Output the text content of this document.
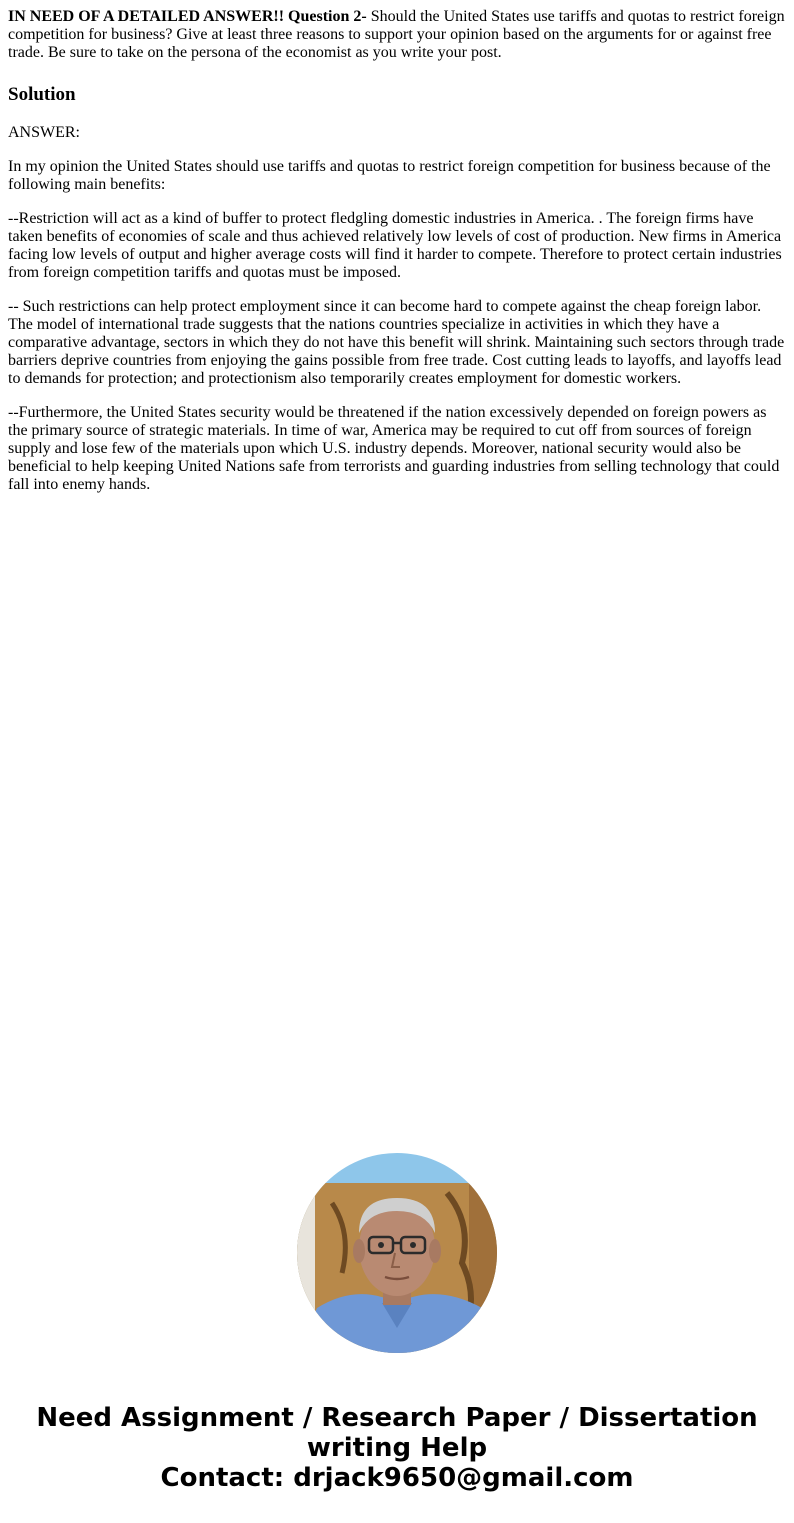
IN NEED OF A DETAILED ANSWER!! Question 2- Should the United States use tariffs and quotas to restrict foreign competition for business? Give at least three reasons to support your opinion based on the arguments for or against free trade. Be sure to take on the persona of the economist as you write your post.

Solution

ANSWER:

In my opinion the United States should use tariffs and quotas to restrict foreign competition for business because of the following main benefits:

--Restriction will act as a kind of buffer to protect fledgling domestic industries in America. . The foreign firms have taken benefits of economies of scale and thus achieved relatively low levels of cost of production. New firms in America facing low levels of output and higher average costs will find it harder to compete. Therefore to protect certain industries from foreign competition tariffs and quotas must be imposed.

-- Such restrictions can help protect employment since it can become hard to compete against the cheap foreign labor. The model of international trade suggests that the nations countries specialize in activities in which they have a comparative advantage, sectors in which they do not have this benefit will shrink. Maintaining such sectors through trade barriers deprive countries from enjoying the gains possible from free trade. Cost cutting leads to layoffs, and layoffs lead to demands for protection; and protectionism also temporarily creates employment for domestic workers.

--Furthermore, the United States security would be threatened if the nation excessively depended on foreign powers as the primary source of strategic materials. In time of war, America may be required to cut off from sources of foreign supply and lose few of the materials upon which U.S. industry depends. Moreover, national security would also be beneficial to help keeping United Nations safe from terrorists and guarding industries from selling technology that could fall into enemy hands.

Need Assignment / Research Paper / Dissertation
writing Help
Contact: drjack9650@gmail.com
